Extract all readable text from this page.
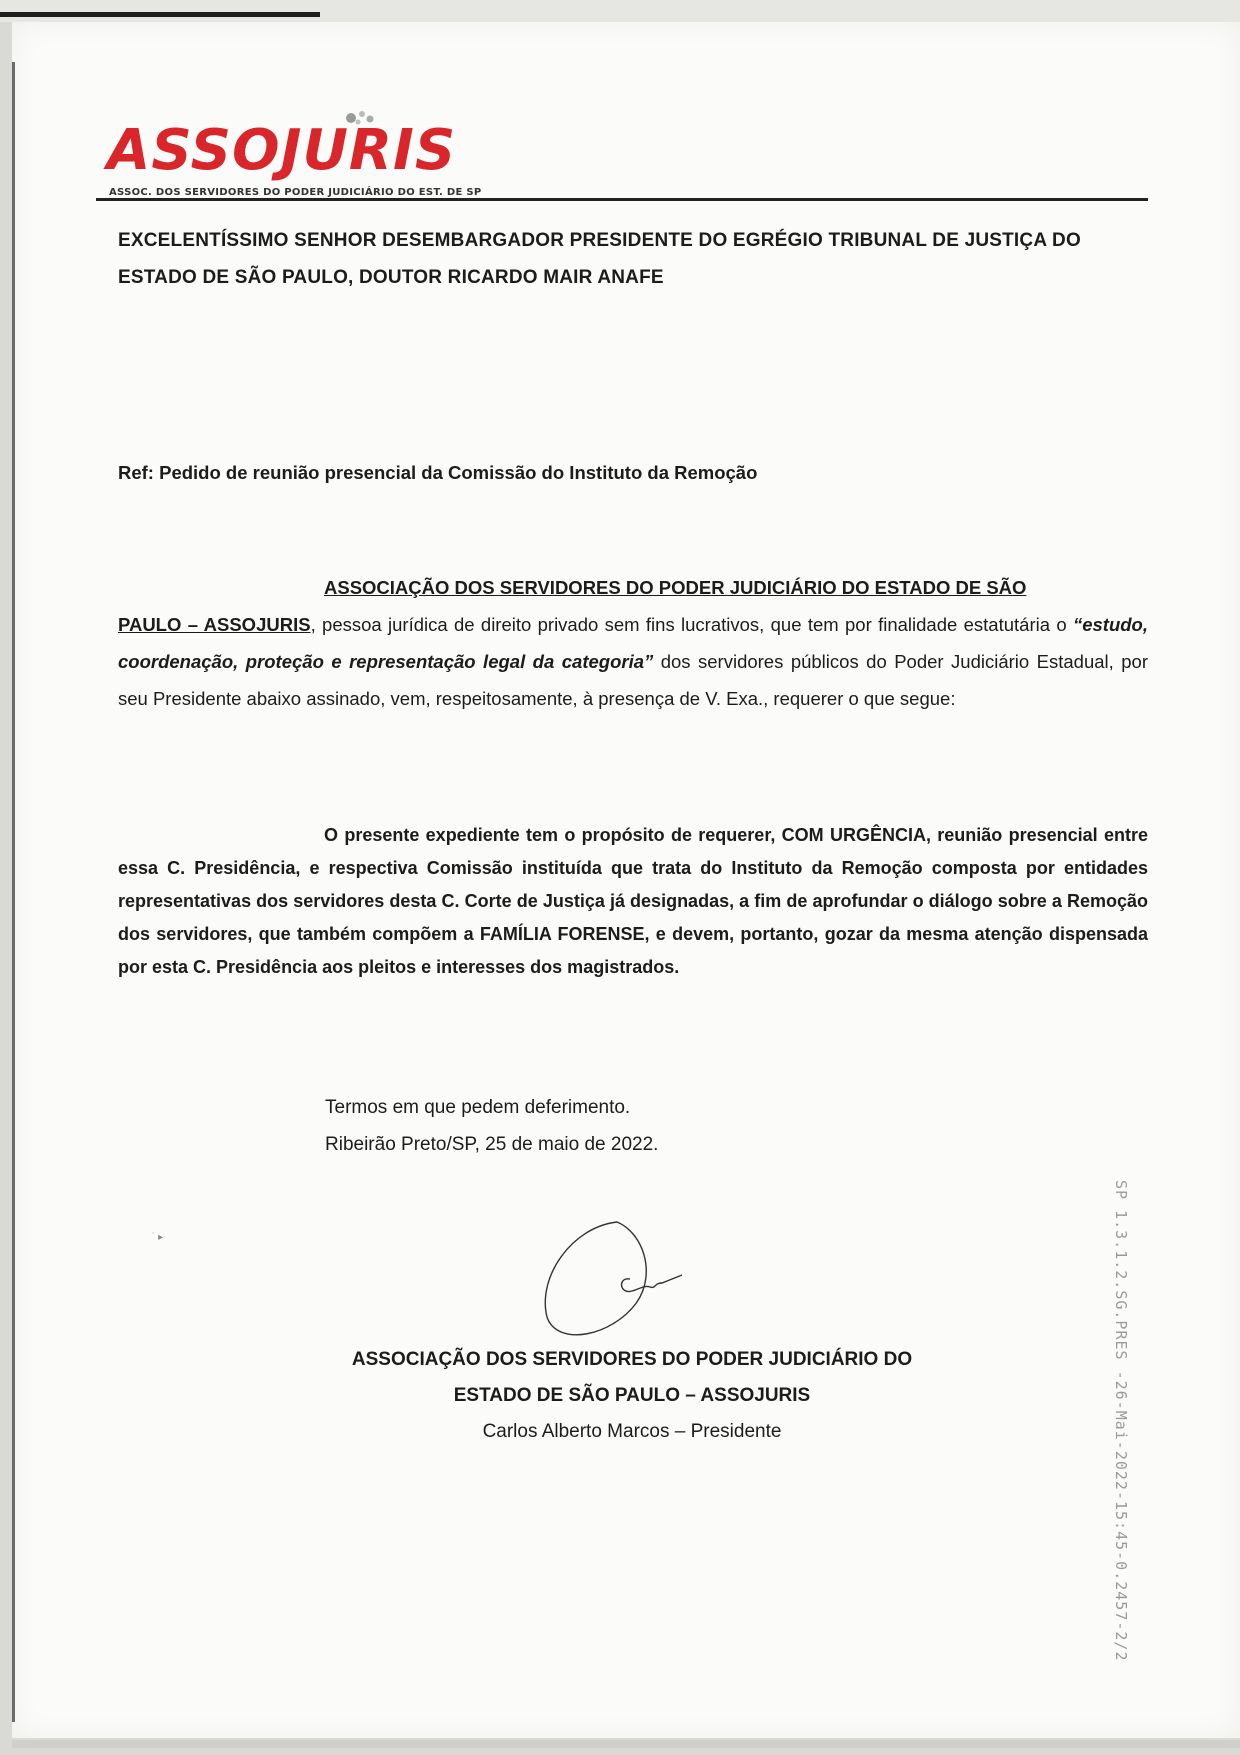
ASSOJURIS
ASSOC. DOS SERVIDORES DO PODER JUDICIÁRIO DO EST. DE SP

EXCELENTÍSSIMO SENHOR DESEMBARGADOR PRESIDENTE DO EGRÉGIO TRIBUNAL DE JUSTIÇA DO

ESTADO DE SÃO PAULO, DOUTOR RICARDO MAIR ANAFE

Ref: Pedido de reunião presencial da Comissão do Instituto da Remoção
ASSOCIAÇÃO DOS SERVIDORES DO PODER JUDICIÁRIO DO ESTADO DE SÃO

PAULO – ASSOJURIS, pessoa jurídica de direito privado sem fins lucrativos, que tem por finalidade estatutária o “estudo, coordenação, proteção e representação legal da categoria” dos servidores públicos do Poder Judiciário Estadual, por seu Presidente abaixo assinado, vem, respeitosamente, à presença de V. Exa., requerer o que segue:

O presente expediente tem o propósito de requerer, COM URGÊNCIA, reunião presencial entre essa C. Presidência, e respectiva Comissão instituída que trata do Instituto da Remoção composta por entidades representativas dos servidores desta C. Corte de Justiça já designadas, a fim de aprofundar o diálogo sobre a Remoção dos servidores, que também compõem a FAMÍLIA FORENSE, e devem, portanto, gozar da mesma atenção dispensada por esta C. Presidência aos pleitos e interesses dos magistrados.

Termos em que pedem deferimento.

Ribeirão Preto/SP, 25 de maio de 2022.

ASSOCIAÇÃO DOS SERVIDORES DO PODER JUDICIÁRIO DO

ESTADO DE SÃO PAULO – ASSOJURIS

Carlos Alberto Marcos – Presidente

˙ ▸
